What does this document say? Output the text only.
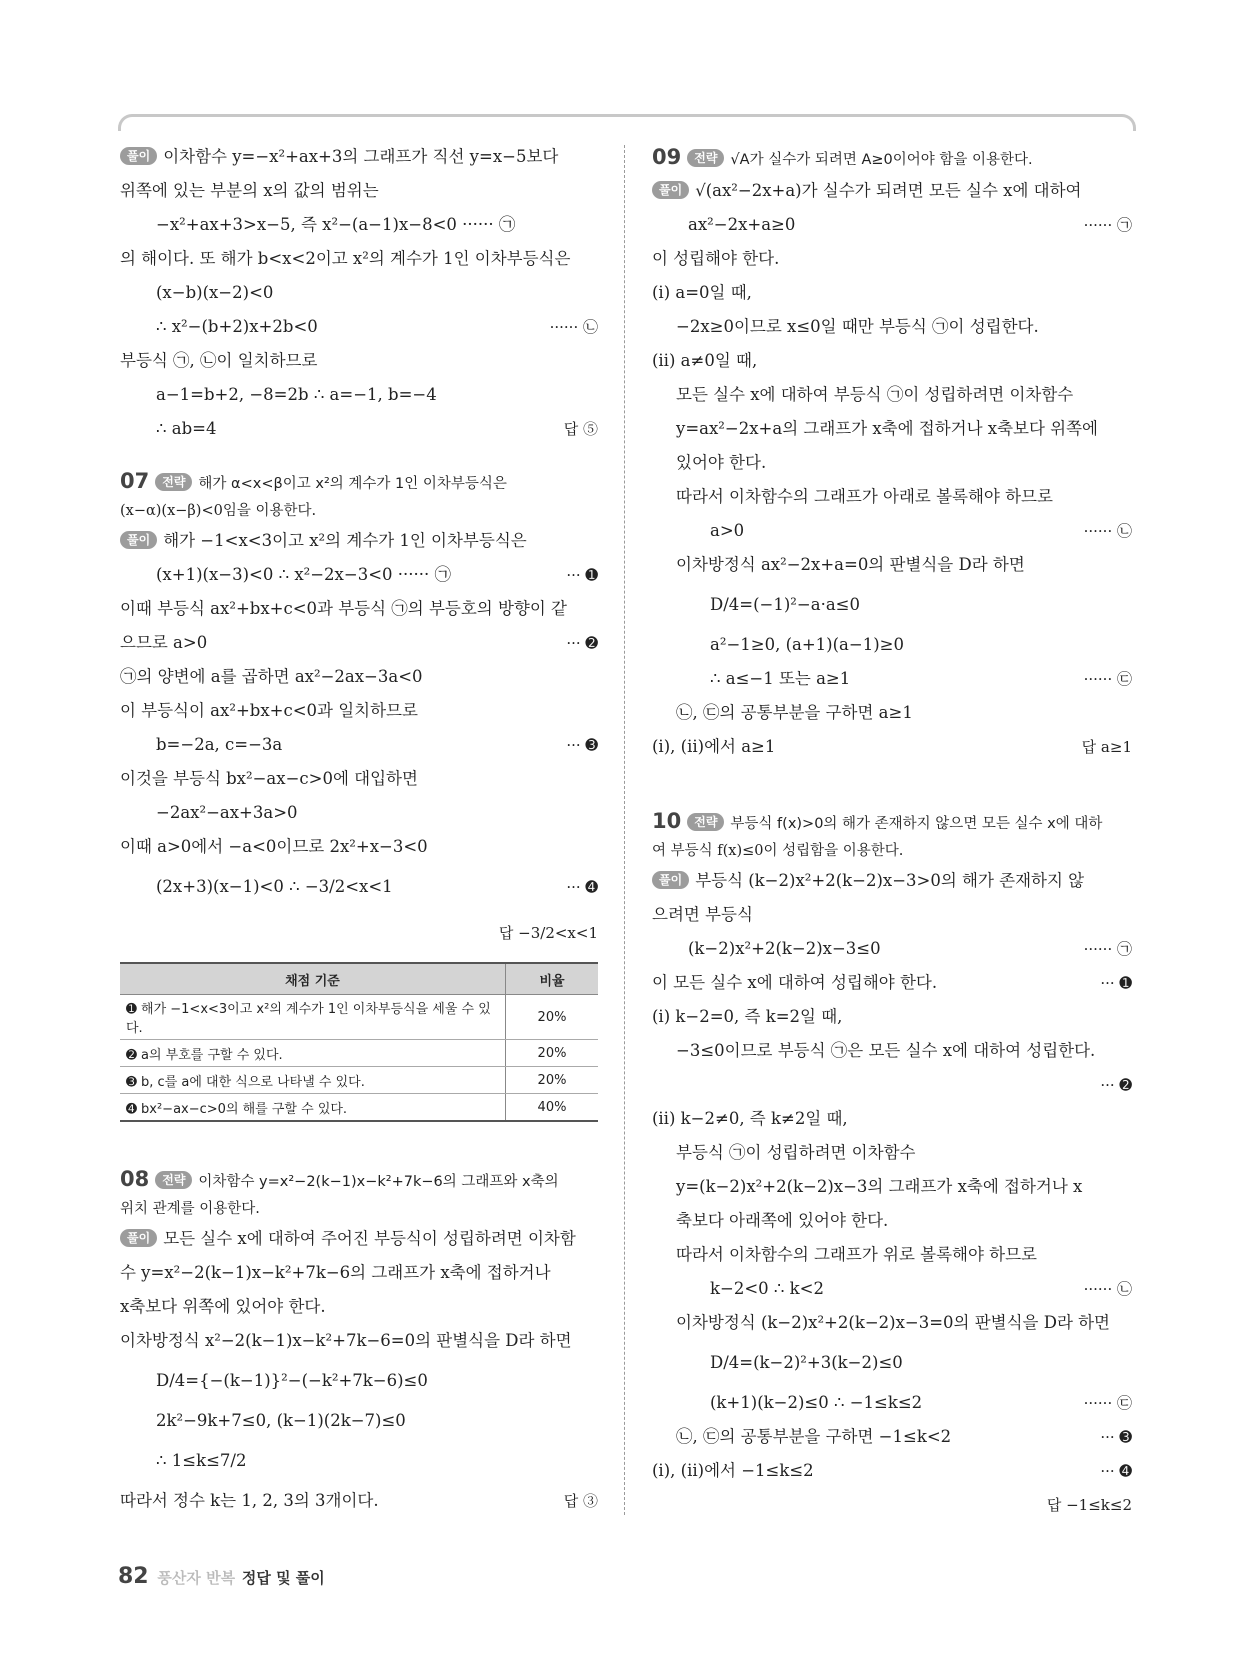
풀이 이차함수 y=−x²+ax+3의 그래프가 직선 y=x−5보다
위쪽에 있는 부분의 x의 값의 범위는
−x²+ax+3>x−5, 즉 x²−(a−1)x−8<0 ······ ㉠
의 해이다. 또 해가 b<x<2이고 x²의 계수가 1인 이차부등식은
(x−b)(x−2)<0
∴ x²−(b+2)x+2b<0	······ ㉡
부등식 ㉠, ㉡이 일치하므로
a−1=b+2, −8=2b ∴ a=−1, b=−4
∴ ab=4	답 ⑤
07 전략 해가 α<x<β이고 x²의 계수가 1인 이차부등식은
(x−α)(x−β)<0임을 이용한다.
풀이 해가 −1<x<3이고 x²의 계수가 1인 이차부등식은
(x+1)(x−3)<0 ∴ x²−2x−3<0 ······ ㉠	··· ➊
이때 부등식 ax²+bx+c<0과 부등식 ㉠의 부등호의 방향이 같
으므로 a>0	··· ➋
㉠의 양변에 a를 곱하면 ax²−2ax−3a<0
이 부등식이 ax²+bx+c<0과 일치하므로
b=−2a, c=−3a	··· ➌
이것을 부등식 bx²−ax−c>0에 대입하면
−2ax²−ax+3a>0
이때 a>0에서 −a<0이므로 2x²+x−3<0
(2x+3)(x−1)<0 ∴ −3/2<x<1	··· ➍
답 −3/2<x<1
채점 기준	비율
➊ 해가 −1<x<3이고 x²의 계수가 1인 이차부등식을 세울 수 있다.	20%
➋ a의 부호를 구할 수 있다.	20%
➌ b, c를 a에 대한 식으로 나타낼 수 있다.	20%
➍ bx²−ax−c>0의 해를 구할 수 있다.	40%
08 전략 이차함수 y=x²−2(k−1)x−k²+7k−6의 그래프와 x축의
위치 관계를 이용한다.
풀이 모든 실수 x에 대하여 주어진 부등식이 성립하려면 이차함
수 y=x²−2(k−1)x−k²+7k−6의 그래프가 x축에 접하거나
x축보다 위쪽에 있어야 한다.
이차방정식 x²−2(k−1)x−k²+7k−6=0의 판별식을 D라 하면
D/4={−(k−1)}²−(−k²+7k−6)≤0
2k²−9k+7≤0, (k−1)(2k−7)≤0
∴ 1≤k≤7/2
따라서 정수 k는 1, 2, 3의 3개이다.	답 ③
09 전략 √A가 실수가 되려면 A≥0이어야 함을 이용한다.
풀이 √(ax²−2x+a)가 실수가 되려면 모든 실수 x에 대하여
ax²−2x+a≥0	······ ㉠
이 성립해야 한다.
(ⅰ) a=0일 때,
−2x≥0이므로 x≤0일 때만 부등식 ㉠이 성립한다.
(ⅱ) a≠0일 때,
모든 실수 x에 대하여 부등식 ㉠이 성립하려면 이차함수
y=ax²−2x+a의 그래프가 x축에 접하거나 x축보다 위쪽에
있어야 한다.
따라서 이차함수의 그래프가 아래로 볼록해야 하므로
a>0	······ ㉡
이차방정식 ax²−2x+a=0의 판별식을 D라 하면
D/4=(−1)²−a·a≤0
a²−1≥0, (a+1)(a−1)≥0
∴ a≤−1 또는 a≥1	······ ㉢
㉡, ㉢의 공통부분을 구하면 a≥1
(ⅰ), (ⅱ)에서 a≥1	답 a≥1
10 전략 부등식 f(x)>0의 해가 존재하지 않으면 모든 실수 x에 대하
여 부등식 f(x)≤0이 성립함을 이용한다.
풀이 부등식 (k−2)x²+2(k−2)x−3>0의 해가 존재하지 않
으려면 부등식
(k−2)x²+2(k−2)x−3≤0	······ ㉠
이 모든 실수 x에 대하여 성립해야 한다.	··· ➊
(ⅰ) k−2=0, 즉 k=2일 때,
−3≤0이므로 부등식 ㉠은 모든 실수 x에 대하여 성립한다.
··· ➋
(ⅱ) k−2≠0, 즉 k≠2일 때,
부등식 ㉠이 성립하려면 이차함수
y=(k−2)x²+2(k−2)x−3의 그래프가 x축에 접하거나 x
축보다 아래쪽에 있어야 한다.
따라서 이차함수의 그래프가 위로 볼록해야 하므로
k−2<0 ∴ k<2	······ ㉡
이차방정식 (k−2)x²+2(k−2)x−3=0의 판별식을 D라 하면
D/4=(k−2)²+3(k−2)≤0
(k+1)(k−2)≤0 ∴ −1≤k≤2	······ ㉢
㉡, ㉢의 공통부분을 구하면 −1≤k<2	··· ➌
(ⅰ), (ⅱ)에서 −1≤k≤2	··· ➍
답 −1≤k≤2
82 풍산자 반복 정답 및 풀이
